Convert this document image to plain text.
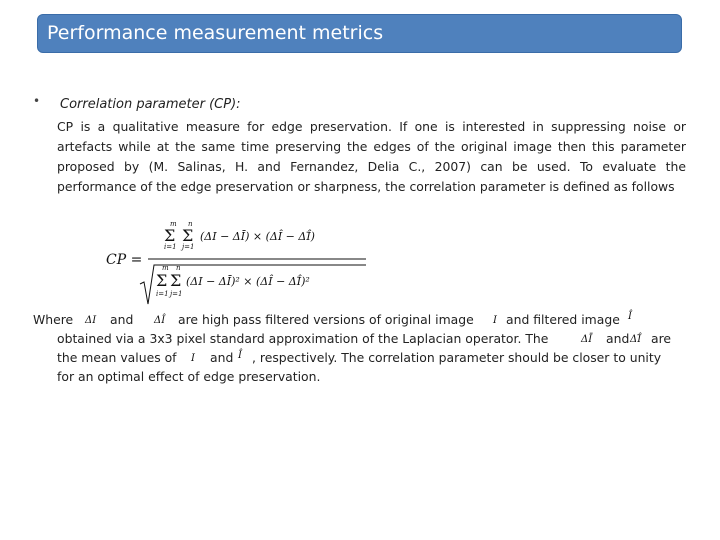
Performance measurement metrics
• Correlation parameter (CP):

CP is a qualitative measure for edge preservation. If one is interested in suppressing noise or artefacts while at the same time preserving the edges of the original image then this parameter proposed by (M. Salinas, H. and Fernandez, Delia C., 2007) can be used. To evaluate the performance of the edge preservation or sharpness, the correlation parameter is defined as follows

CP =
m
Σ
i=1
n
Σ
j=1
(ΔI − ΔĪ) × (ΔÎ − ΔÎ̄)
m
Σ
i=1
n
Σ
j=1
(ΔI − ΔĪ)² × (ΔÎ − ΔÎ̄)²
Where ΔI and ΔÎ are high pass filtered versions of original image I and filtered image Î
obtained via a 3x3 pixel standard approximation of the Laplacian operator. The	ΔĪ and ΔÎ̄ are
the mean values of I and Î , respectively. The correlation parameter should be closer to unity
for an optimal effect of edge preservation.
